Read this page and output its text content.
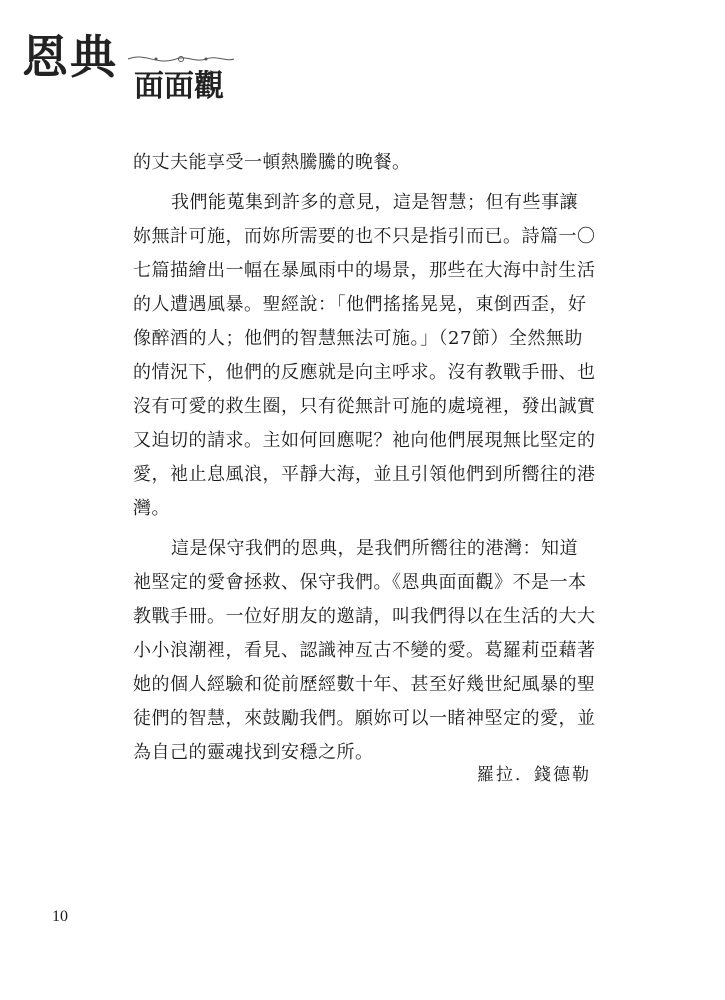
恩典
面面觀
的丈夫能享受一頓熱騰騰的晚餐。
我們能蒐集到許多的意見，這是智慧；但有些事讓
妳無計可施，而妳所需要的也不只是指引而已。詩篇一〇
七篇描繪出一幅在暴風雨中的場景，那些在大海中討生活
的人遭遇風暴。聖經說：「他們搖搖晃晃，東倒西歪，好
像醉酒的人；他們的智慧無法可施。」（27節）全然無助
的情況下，他們的反應就是向主呼求。沒有教戰手冊、也
沒有可愛的救生圈，只有從無計可施的處境裡，發出誠實
又迫切的請求。主如何回應呢？祂向他們展現無比堅定的
愛，祂止息風浪，平靜大海，並且引領他們到所嚮往的港
灣。
這是保守我們的恩典，是我們所嚮往的港灣：知道
祂堅定的愛會拯救、保守我們。《恩典面面觀》不是一本
教戰手冊。一位好朋友的邀請，叫我們得以在生活的大大
小小浪潮裡，看見、認識神亙古不變的愛。葛羅莉亞藉著
她的個人經驗和從前歷經數十年、甚至好幾世紀風暴的聖
徒們的智慧，來鼓勵我們。願妳可以一睹神堅定的愛，並
為自己的靈魂找到安穩之所。
羅拉．錢德勒
10
